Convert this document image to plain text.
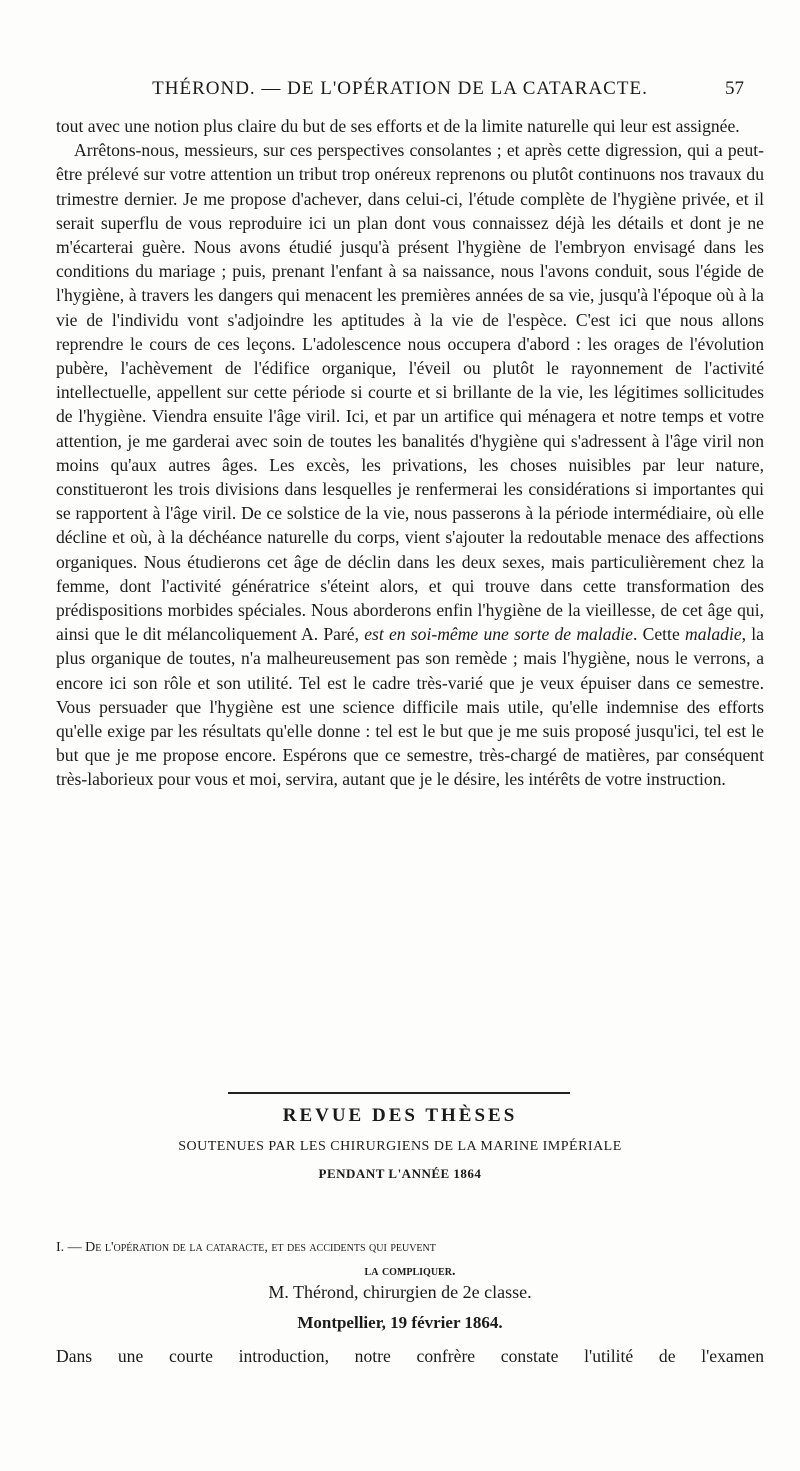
THÉROND. — DE L'OPÉRATION DE LA CATARACTE.	57

tout avec une notion plus claire du but de ses efforts et de la limite naturelle qui leur est assignée.

Arrêtons-nous, messieurs, sur ces perspectives consolantes ; et après cette digression, qui a peut-être prélevé sur votre attention un tribut trop onéreux reprenons ou plutôt continuons nos travaux du trimestre dernier. Je me propose d'achever, dans celui-ci, l'étude complète de l'hygiène privée, et il serait superflu de vous reproduire ici un plan dont vous connaissez déjà les détails et dont je ne m'écarterai guère. Nous avons étudié jusqu'à présent l'hygiène de l'embryon envisagé dans les conditions du mariage ; puis, prenant l'enfant à sa naissance, nous l'avons conduit, sous l'égide de l'hygiène, à travers les dangers qui menacent les premières années de sa vie, jusqu'à l'époque où à la vie de l'individu vont s'adjoindre les aptitudes à la vie de l'espèce. C'est ici que nous allons reprendre le cours de ces leçons. L'adolescence nous occupera d'abord : les orages de l'évolution pubère, l'achèvement de l'édifice organique, l'éveil ou plutôt le rayonnement de l'activité intellectuelle, appellent sur cette période si courte et si brillante de la vie, les légitimes sollicitudes de l'hygiène. Viendra ensuite l'âge viril. Ici, et par un artifice qui ménagera et notre temps et votre attention, je me garderai avec soin de toutes les banalités d'hygiène qui s'adressent à l'âge viril non moins qu'aux autres âges. Les excès, les privations, les choses nuisibles par leur nature, constitueront les trois divisions dans lesquelles je renfermerai les considérations si importantes qui se rapportent à l'âge viril. De ce solstice de la vie, nous passerons à la période intermédiaire, où elle décline et où, à la déchéance naturelle du corps, vient s'ajouter la redoutable menace des affections organiques. Nous étudierons cet âge de déclin dans les deux sexes, mais particulièrement chez la femme, dont l'activité génératrice s'éteint alors, et qui trouve dans cette transformation des prédispositions morbides spéciales. Nous aborderons enfin l'hygiène de la vieillesse, de cet âge qui, ainsi que le dit mélancoliquement A. Paré, est en soi-même une sorte de maladie. Cette maladie, la plus organique de toutes, n'a malheureusement pas son remède ; mais l'hygiène, nous le verrons, a encore ici son rôle et son utilité. Tel est le cadre très-varié que je veux épuiser dans ce semestre. Vous persuader que l'hygiène est une science difficile mais utile, qu'elle indemnise des efforts qu'elle exige par les résultats qu'elle donne : tel est le but que je me suis proposé jusqu'ici, tel est le but que je me propose encore. Espérons que ce semestre, très-chargé de matières, par conséquent très-laborieux pour vous et moi, servira, autant que je le désire, les intérêts de votre instruction.

REVUE DES THÈSES
SOUTENUES PAR LES CHIRURGIENS DE LA MARINE IMPÉRIALE
PENDANT L'ANNÉE 1864
I. — De l'opération de la cataracte, et des accidents qui peuvent
la compliquer.
M. Thérond, chirurgien de 2e classe.
Montpellier, 19 février 1864.
Dans une courte introduction, notre confrère constate l'utilité de l'examen
